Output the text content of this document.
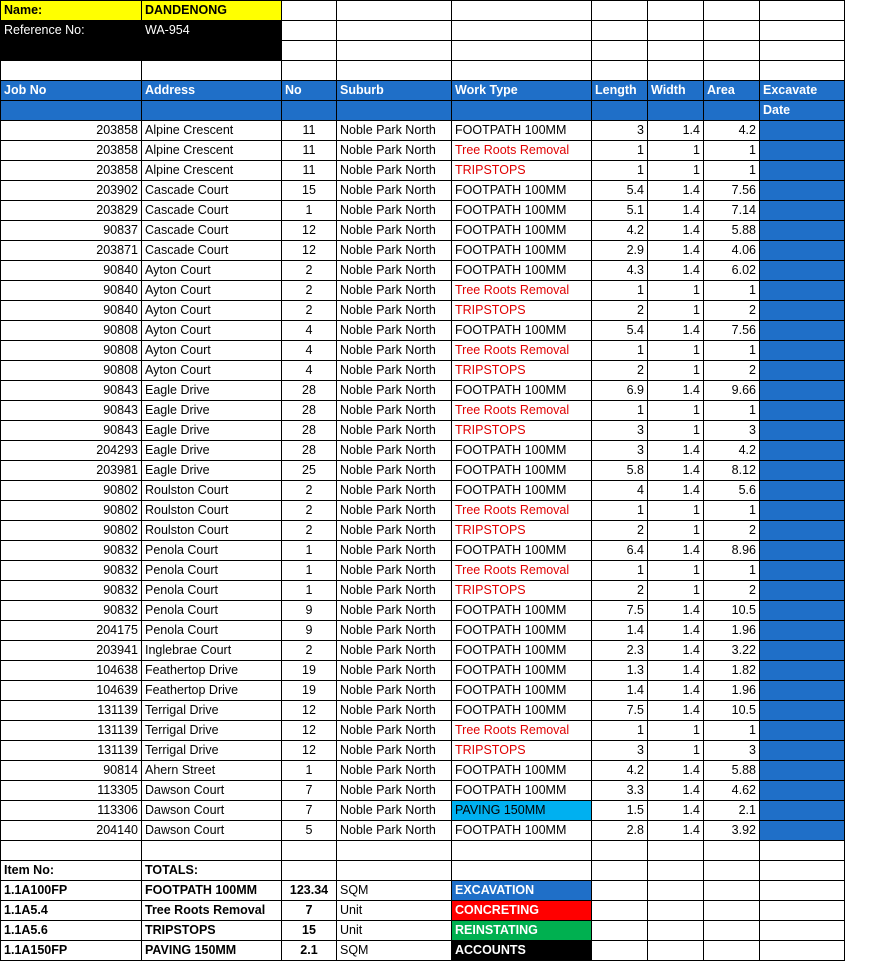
Name:	DANDENONG							
Reference No:	WA-954							

Job No	Address	No	Suburb	Work Type	Length	Width	Area	Excavate
								Date
203858	Alpine Crescent	11	Noble Park North	FOOTPATH 100MM	3	1.4	4.2	
203858	Alpine Crescent	11	Noble Park North	Tree Roots Removal	1	1	1	
203858	Alpine Crescent	11	Noble Park North	TRIPSTOPS	1	1	1	
203902	Cascade Court	15	Noble Park North	FOOTPATH 100MM	5.4	1.4	7.56	
203829	Cascade Court	1	Noble Park North	FOOTPATH 100MM	5.1	1.4	7.14	
90837	Cascade Court	12	Noble Park North	FOOTPATH 100MM	4.2	1.4	5.88	
203871	Cascade Court	12	Noble Park North	FOOTPATH 100MM	2.9	1.4	4.06	
90840	Ayton Court	2	Noble Park North	FOOTPATH 100MM	4.3	1.4	6.02	
90840	Ayton Court	2	Noble Park North	Tree Roots Removal	1	1	1	
90840	Ayton Court	2	Noble Park North	TRIPSTOPS	2	1	2	
90808	Ayton Court	4	Noble Park North	FOOTPATH 100MM	5.4	1.4	7.56	
90808	Ayton Court	4	Noble Park North	Tree Roots Removal	1	1	1	
90808	Ayton Court	4	Noble Park North	TRIPSTOPS	2	1	2	
90843	Eagle Drive	28	Noble Park North	FOOTPATH 100MM	6.9	1.4	9.66	
90843	Eagle Drive	28	Noble Park North	Tree Roots Removal	1	1	1	
90843	Eagle Drive	28	Noble Park North	TRIPSTOPS	3	1	3	
204293	Eagle Drive	28	Noble Park North	FOOTPATH 100MM	3	1.4	4.2	
203981	Eagle Drive	25	Noble Park North	FOOTPATH 100MM	5.8	1.4	8.12	
90802	Roulston Court	2	Noble Park North	FOOTPATH 100MM	4	1.4	5.6	
90802	Roulston Court	2	Noble Park North	Tree Roots Removal	1	1	1	
90802	Roulston Court	2	Noble Park North	TRIPSTOPS	2	1	2	
90832	Penola Court	1	Noble Park North	FOOTPATH 100MM	6.4	1.4	8.96	
90832	Penola Court	1	Noble Park North	Tree Roots Removal	1	1	1	
90832	Penola Court	1	Noble Park North	TRIPSTOPS	2	1	2	
90832	Penola Court	9	Noble Park North	FOOTPATH 100MM	7.5	1.4	10.5	
204175	Penola Court	9	Noble Park North	FOOTPATH 100MM	1.4	1.4	1.96	
203941	Inglebrae Court	2	Noble Park North	FOOTPATH 100MM	2.3	1.4	3.22	
104638	Feathertop Drive	19	Noble Park North	FOOTPATH 100MM	1.3	1.4	1.82	
104639	Feathertop Drive	19	Noble Park North	FOOTPATH 100MM	1.4	1.4	1.96	
131139	Terrigal Drive	12	Noble Park North	FOOTPATH 100MM	7.5	1.4	10.5	
131139	Terrigal Drive	12	Noble Park North	Tree Roots Removal	1	1	1	
131139	Terrigal Drive	12	Noble Park North	TRIPSTOPS	3	1	3	
90814	Ahern Street	1	Noble Park North	FOOTPATH 100MM	4.2	1.4	5.88	
113305	Dawson Court	7	Noble Park North	FOOTPATH 100MM	3.3	1.4	4.62	
113306	Dawson Court	7	Noble Park North	PAVING 150MM	1.5	1.4	2.1	
204140	Dawson Court	5	Noble Park North	FOOTPATH 100MM	2.8	1.4	3.92	

Item No:	TOTALS:							
1.1A100FP	FOOTPATH 100MM	123.34	SQM	EXCAVATION				
1.1A5.4	Tree Roots Removal	7	Unit	CONCRETING				
1.1A5.6	TRIPSTOPS	15	Unit	REINSTATING				
1.1A150FP	PAVING 150MM	2.1	SQM	ACCOUNTS				
